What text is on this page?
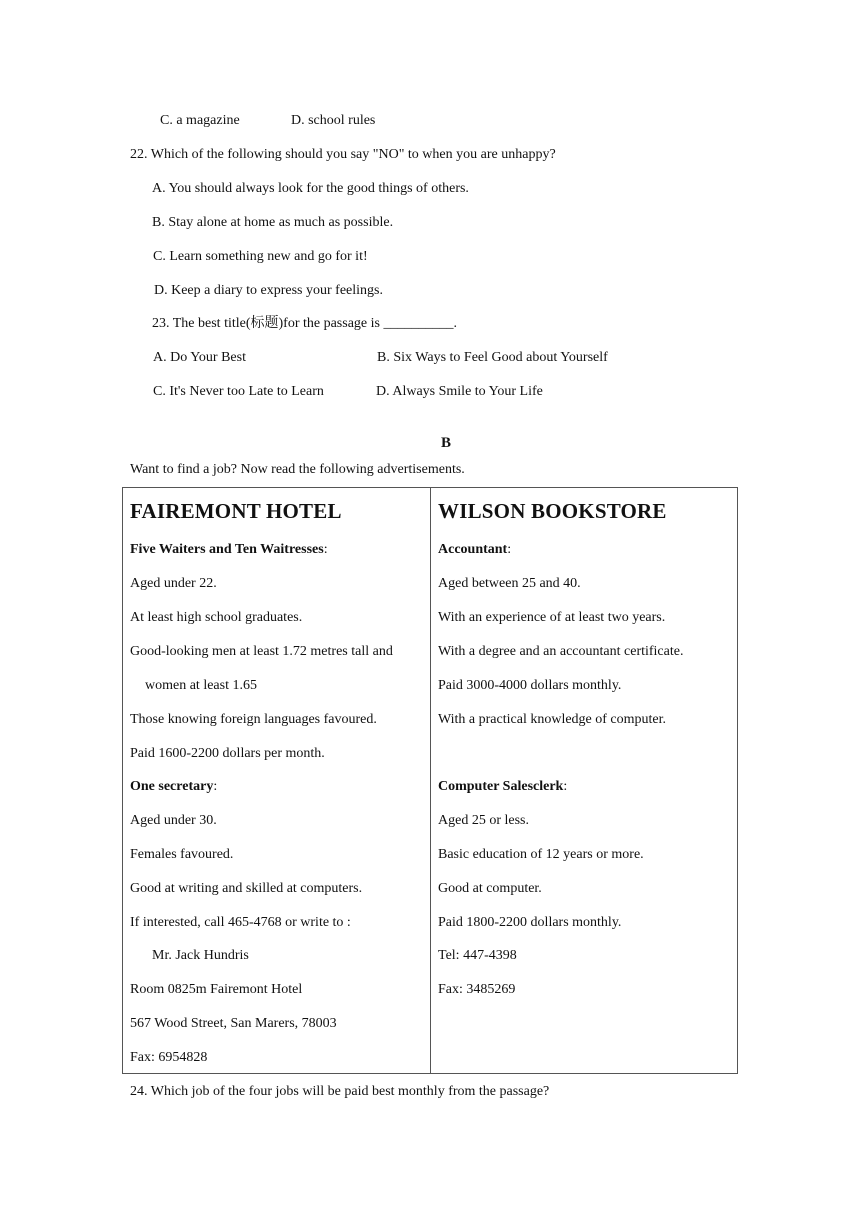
C. a magazine	D. school rules
22. Which of the following should you say "NO" to when you are unhappy?
A. You should always look for the good things of others.
B. Stay alone at home as much as possible.
C. Learn something new and go for it!
D. Keep a diary to express your feelings.
23. The best title(标题)for the passage is __________.
A. Do Your Best	B. Six Ways to Feel Good about Yourself
C. It's Never too Late to Learn	D. Always Smile to Your Life
B
Want to find a job? Now read the following advertisements.
FAIREMONT HOTEL
Five Waiters and Ten Waitresses:
Aged under 22.
At least high school graduates.
Good-looking men at least 1.72 metres tall and
women at least 1.65
Those knowing foreign languages favoured.
Paid 1600-2200 dollars per month.
One secretary:
Aged under 30.
Females favoured.
Good at writing and skilled at computers.
If interested, call 465-4768 or write to :
Mr. Jack Hundris
Room 0825m Fairemont Hotel
567 Wood Street, San Marers, 78003
Fax: 6954828

WILSON BOOKSTORE
Accountant:
Aged between 25 and 40.
With an experience of at least two years.
With a degree and an accountant certificate.
Paid 3000-4000 dollars monthly.
With a practical knowledge of computer.
Computer Salesclerk:
Aged 25 or less.
Basic education of 12 years or more.
Good at computer.
Paid 1800-2200 dollars monthly.
Tel: 447-4398
Fax: 3485269
24. Which job of the four jobs will be paid best monthly from the passage?
